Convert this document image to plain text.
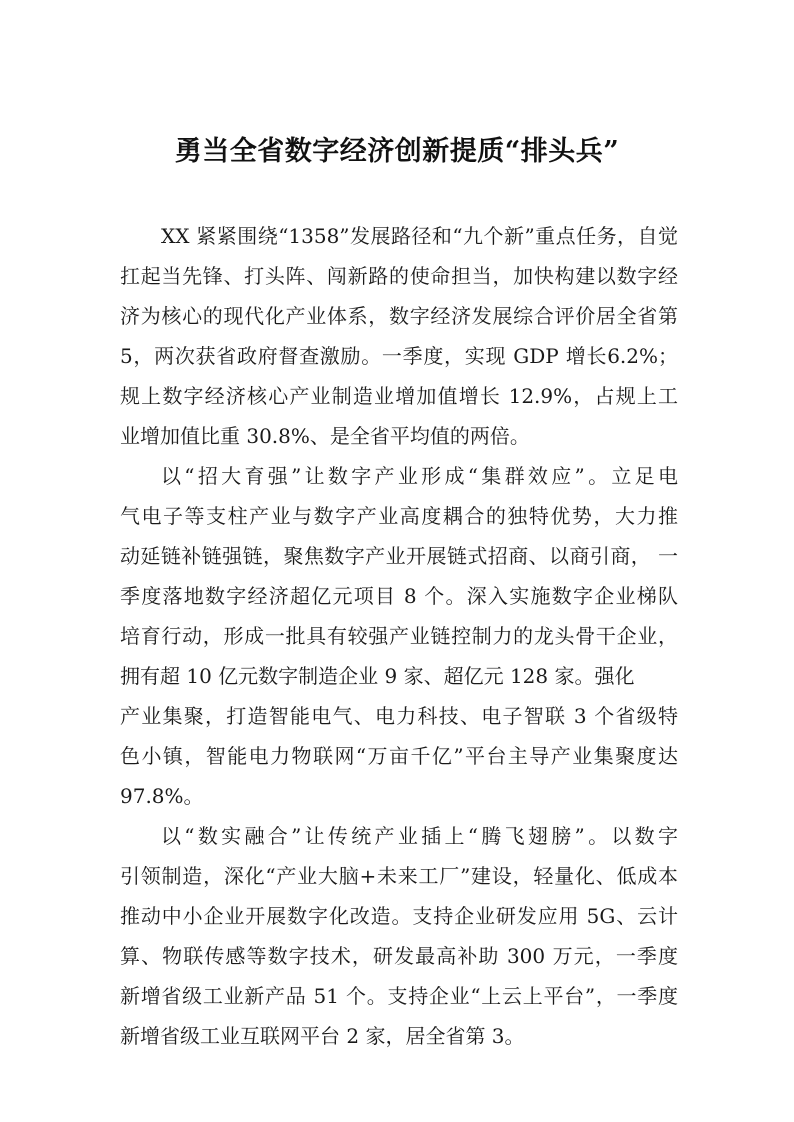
勇当全省数字经济创新提质“排头兵”
XX 紧紧围绕“1358”发展路径和“九个新”重点任务，自觉
扛起当先锋、打头阵、闯新路的使命担当，加快构建以数字经
济为核心的现代化产业体系，数字经济发展综合评价居全省第
5，两次获省政府督查激励。一季度，实现 GDP 增长6.2%；
规上数字经济核心产业制造业增加值增长 12.9%，占规上工
业增加值比重 30.8%、是全省平均值的两倍。
以“招大育强”让数字产业形成“集群效应”。立足电
气电子等支柱产业与数字产业高度耦合的独特优势，大力推
动延链补链强链，聚焦数字产业开展链式招商、以商引商， 一
季度落地数字经济超亿元项目 8 个。深入实施数字企业梯队
培育行动，形成一批具有较强产业链控制力的龙头骨干企业，
拥有超 10 亿元数字制造企业 9 家、超亿元 128 家。强化
产业集聚，打造智能电气、电力科技、电子智联 3 个省级特
色小镇，智能电力物联网“万亩千亿”平台主导产业集聚度达
97.8%。
以“数实融合”让传统产业插上“腾飞翅膀”。以数字
引领制造，深化“产业大脑+未来工厂”建设，轻量化、低成本
推动中小企业开展数字化改造。支持企业研发应用 5G、云计
算、物联传感等数字技术，研发最高补助 300 万元，一季度
新增省级工业新产品 51 个。支持企业“上云上平台”，一季度
新增省级工业互联网平台 2 家，居全省第 3。
